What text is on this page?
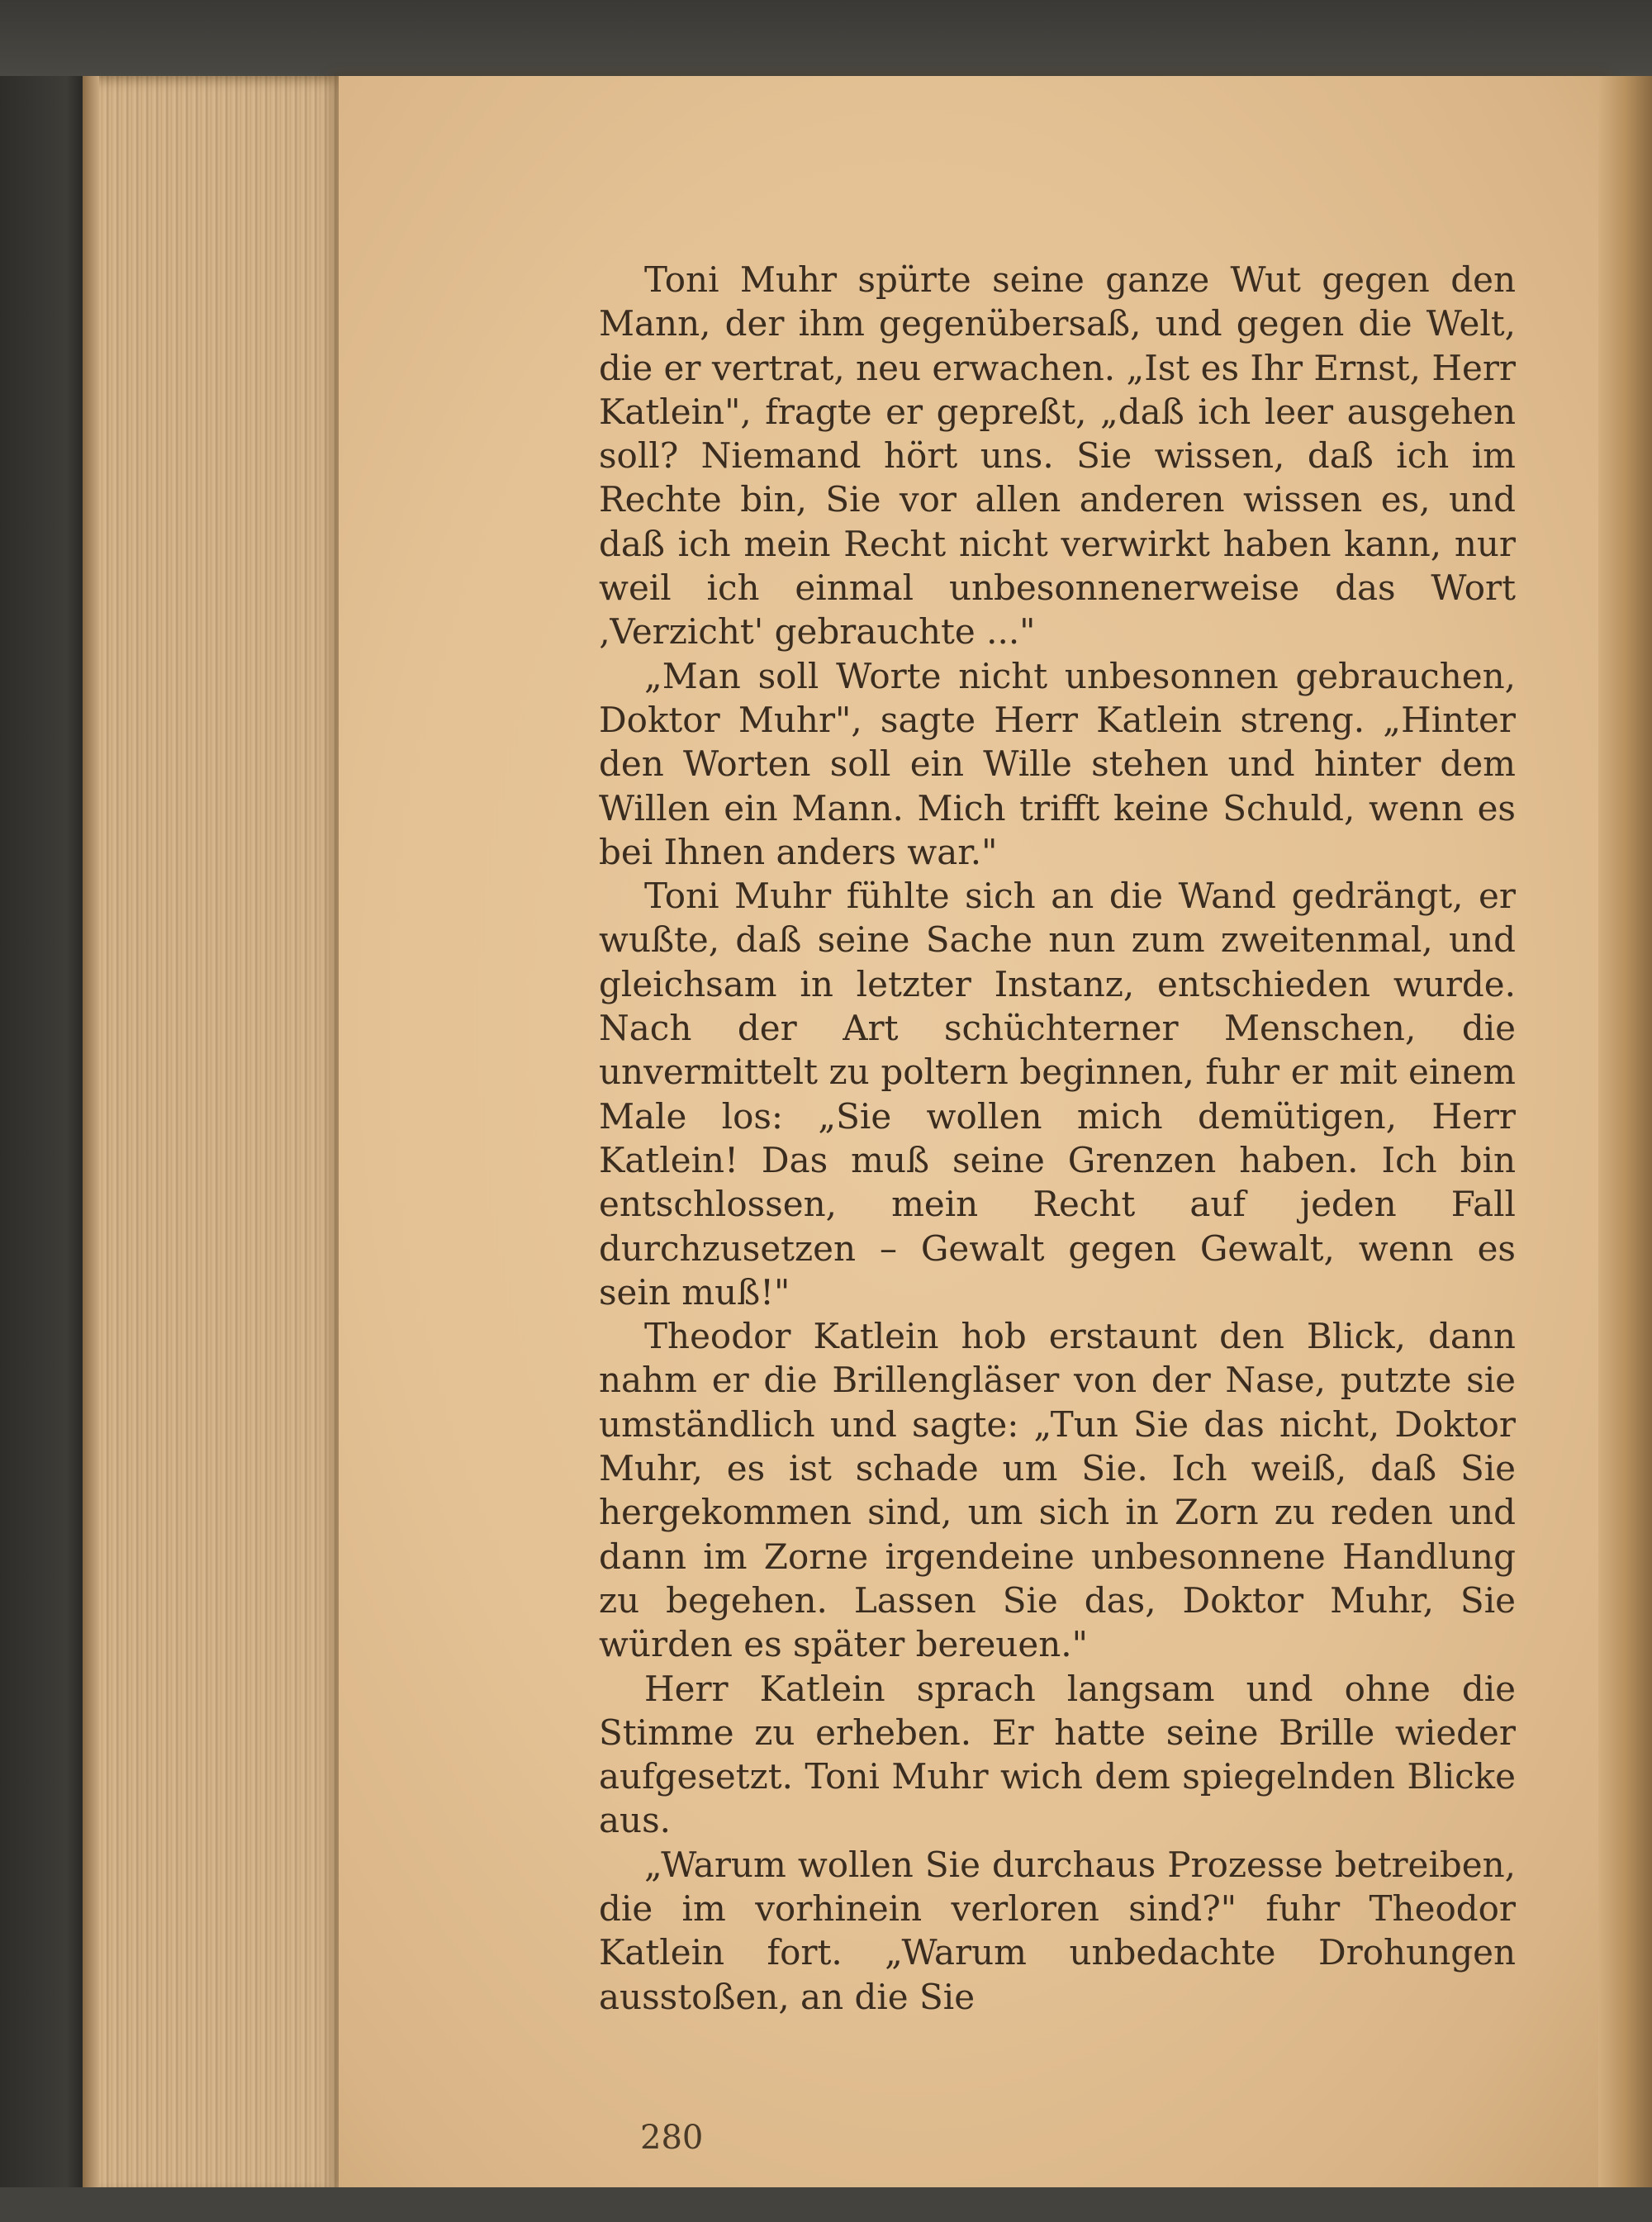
Toni Muhr spürte seine ganze Wut gegen den Mann, der ihm gegenübersaß, und gegen die Welt, die er vertrat, neu erwachen. „Ist es Ihr Ernst, Herr Katlein", fragte er gepreßt, „daß ich leer ausgehen soll? Niemand hört uns. Sie wissen, daß ich im Rechte bin, Sie vor allen anderen wissen es, und daß ich mein Recht nicht verwirkt haben kann, nur weil ich einmal unbesonnenerweise das Wort ‚Verzicht' gebrauchte ..."

„Man soll Worte nicht unbesonnen gebrauchen, Doktor Muhr", sagte Herr Katlein streng. „Hinter den Worten soll ein Wille stehen und hinter dem Willen ein Mann. Mich trifft keine Schuld, wenn es bei Ihnen anders war."

Toni Muhr fühlte sich an die Wand gedrängt, er wußte, daß seine Sache nun zum zweitenmal, und gleichsam in letzter Instanz, entschieden wurde. Nach der Art schüchterner Menschen, die unvermittelt zu poltern beginnen, fuhr er mit einem Male los: „Sie wollen mich demütigen, Herr Katlein! Das muß seine Grenzen haben. Ich bin entschlossen, mein Recht auf jeden Fall durchzusetzen – Gewalt gegen Gewalt, wenn es sein muß!"

Theodor Katlein hob erstaunt den Blick, dann nahm er die Brillengläser von der Nase, putzte sie umständlich und sagte: „Tun Sie das nicht, Doktor Muhr, es ist schade um Sie. Ich weiß, daß Sie hergekommen sind, um sich in Zorn zu reden und dann im Zorne irgendeine unbesonnene Handlung zu begehen. Lassen Sie das, Doktor Muhr, Sie würden es später bereuen."

Herr Katlein sprach langsam und ohne die Stimme zu erheben. Er hatte seine Brille wieder aufgesetzt. Toni Muhr wich dem spiegelnden Blicke aus.

„Warum wollen Sie durchaus Prozesse betreiben, die im vorhinein verloren sind?" fuhr Theodor Katlein fort. „Warum unbedachte Drohungen ausstoßen, an die Sie

280
